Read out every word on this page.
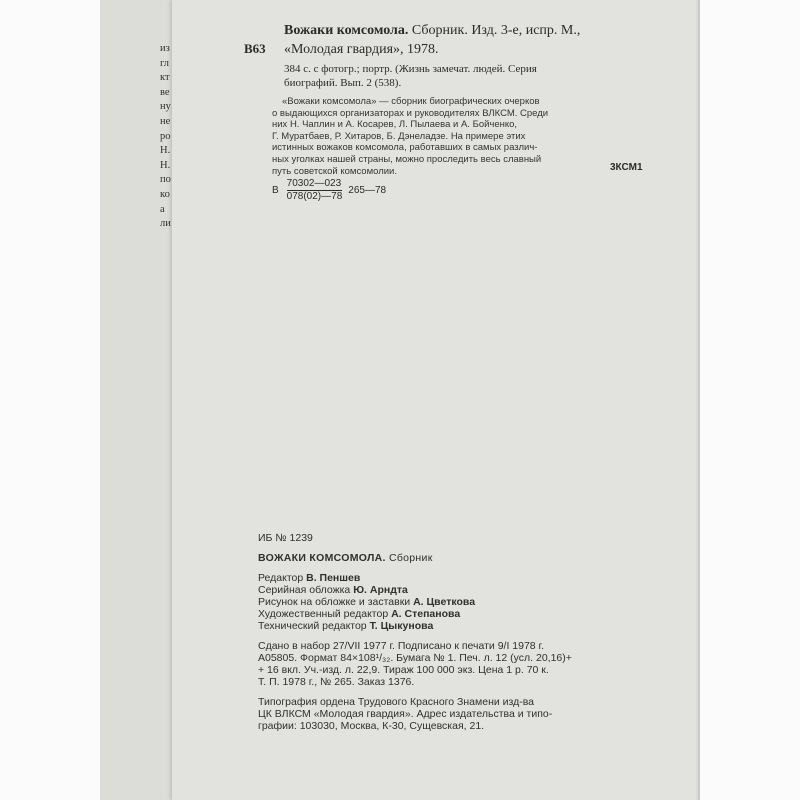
из
гл
кт
ве
ну
не
ро
Н.
Н.
по
ко
а
ли
Вожаки комсомола.
Сборник. Изд. 3-е, испр. М.,
В63	«Молодая гвардия», 1978.
384 с. с фотогр.; портр. (Жизнь замечат. людей. Серия
биографий. Вып. 2 (538).
«Вожаки комсомола» — сборник биографических очерков
о выдающихся организаторах и руководителях ВЛКСМ. Среди
них Н. Чаплин и А. Косарев, Л. Пылаева и А. Бойченко,
Г. Муратбаев, Р. Хитаров, Б. Дэнеладзе. На примере этих
истинных вожаков комсомола, работавших в самых различ-
ных уголках нашей страны, можно проследить весь славный
путь советской комсомолии.	3КСМ1
В $\frac{70302—023}{078(02)—78}$ 265—78
ИБ № 1239
ВОЖАКИ КОМСОМОЛА. Сборник
Редактор В. Пеншев
Серийная обложка Ю. Арндта
Рисунок на обложке и заставки А. Цветкова
Художественный редактор А. Степанова
Технический редактор Т. Цыкунова
Сдано в набор 27/VII 1977 г. Подписано к печати 9/I 1978 г.
А05805. Формат 84×108¹/₃₂. Бумага № 1. Печ. л. 12 (усл. 20,16)+
+ 16 вкл. Уч.-изд. л. 22,9. Тираж 100 000 экз. Цена 1 р. 70 к.
Т. П. 1978 г., № 265. Заказ 1376.
Типография ордена Трудового Красного Знамени изд-ва
ЦК ВЛКСМ «Молодая гвардия». Адрес издательства и типо-
графии: 103030, Москва, К-30, Сущевская, 21.
